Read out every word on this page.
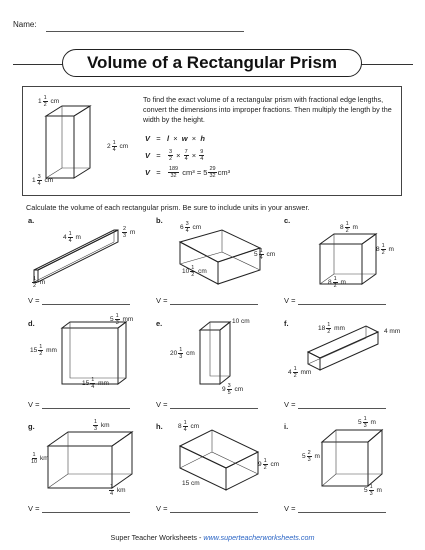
Name:
Volume of a Rectangular Prism
1 1
2
cm
2 1
4
cm
1 3
4
cm
To find the exact volume of a rectangular prism with fractional edge lengths, convert the dimensions into improper fractions. Then multiply the length by the width by the height.
V
=
l
×
w
×
h
V
=
$\frac{3}{2}$
×
$\frac{7}{4}$
×
$\frac{9}{4}$
V
=
$\frac{189}{32}$
cm³
=
5 29
32 cm³
Calculate the volume of each rectangular prism. Be sure to include units in your answer.
a.	b.	c.
d.	e.	f.
g.	h.	i.
4 1
4
m
2
3
m
1
2
m
6 3
4
cm
5 1
4
cm
10 1
2
cm
8 1
2
m
8 1
2
m
8 1
2
m
5 1
3
mm
15 1
2
mm
15 1
4
mm
10 cm
20 1
3
cm
9 3
5
cm
18 1
2
mm	4 mm
4 1
2
mm
1
3
km
1
10
km
1
4
km
8 1
4
cm
9 1
2
cm
15 cm
5 1
3
m
5 2
3
m
5 1
3
m
V =	V =	V =
V =	V =	V =
V =	V =	V =
Super Teacher Worksheets - www.superteacherworksheets.com
